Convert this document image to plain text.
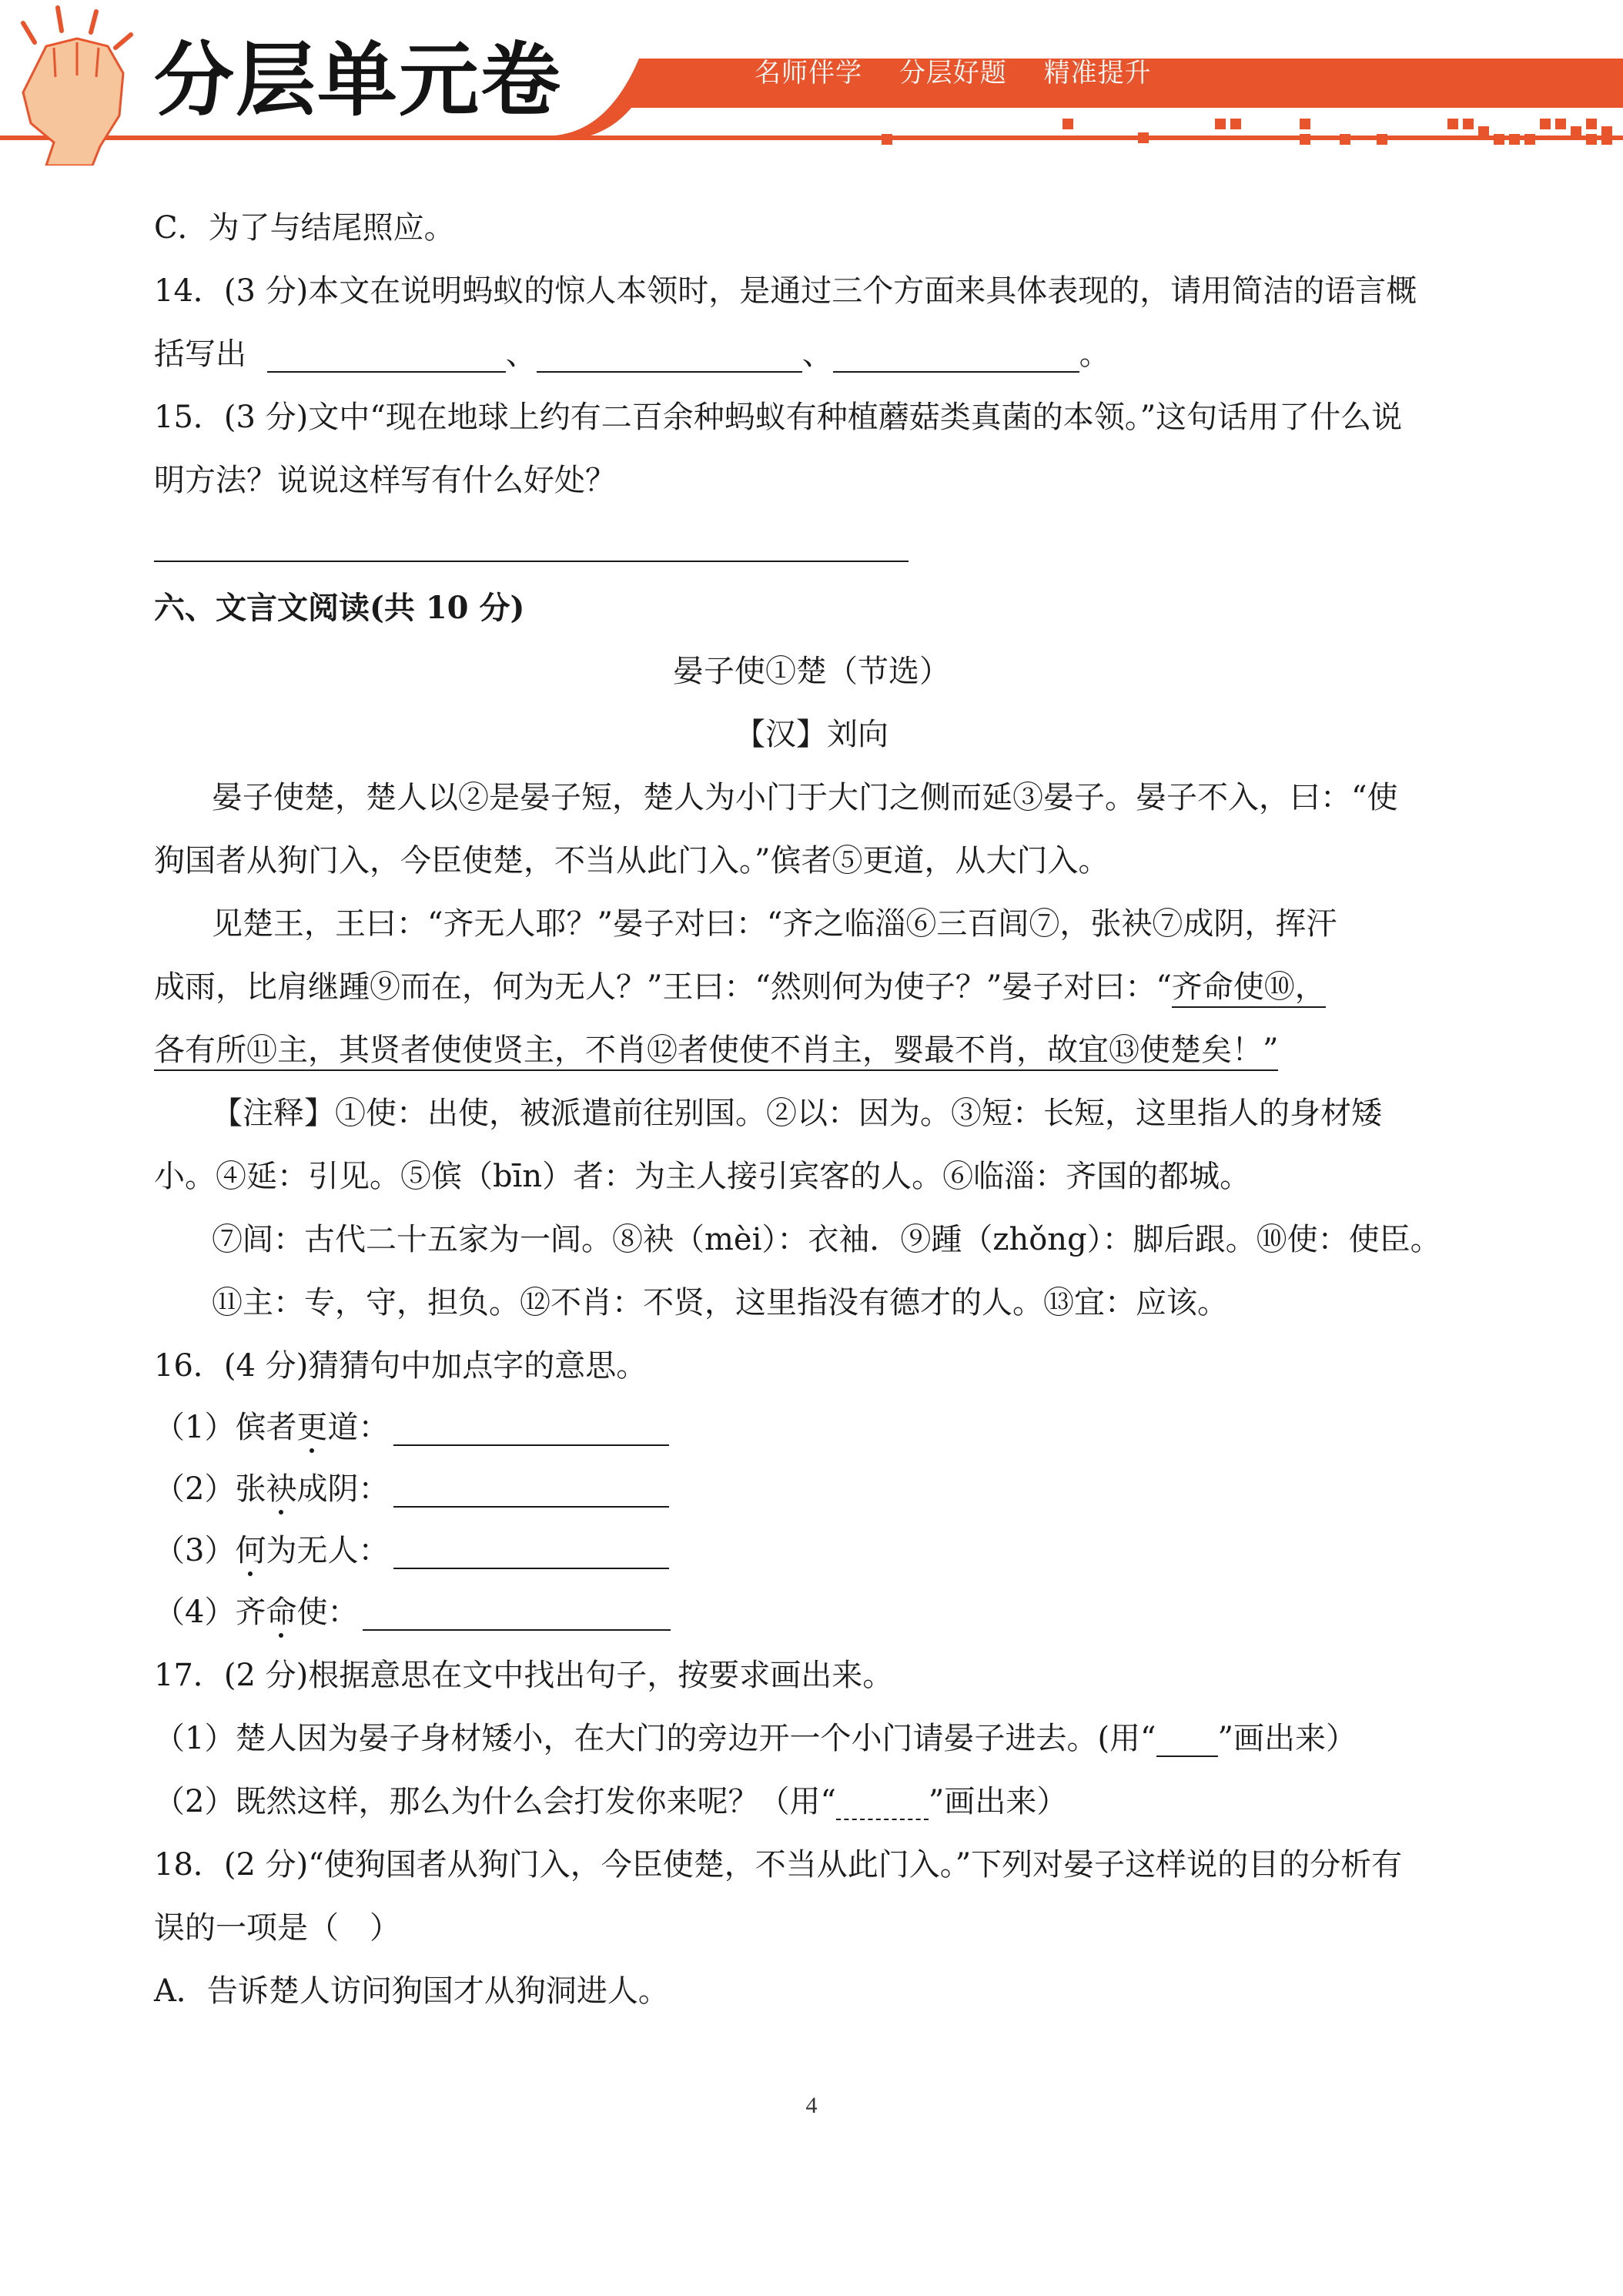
分层单元卷	名师伴学 分层好题 精准提升
C．为了与结尾照应。
14．(3 分)本文在说明蚂蚁的惊人本领时，是通过三个方面来具体表现的，请用简洁的语言概
括写出	、	、	。
15．(3 分)文中“现在地球上约有二百余种蚂蚁有种植蘑菇类真菌的本领。”这句话用了什么说
明方法？说说这样写有什么好处？
六、文言文阅读(共 10 分)
晏子使①楚（节选）
【汉】刘向
晏子使楚，楚人以②是晏子短，楚人为小门于大门之侧而延③晏子。晏子不入，曰：“使
狗国者从狗门入，今臣使楚，不当从此门入。”傧者⑤更道，从大门入。
见楚王，王曰：“齐无人耶？”晏子对曰：“齐之临淄⑥三百闾⑦，张袂⑦成阴，挥汗
成雨，比肩继踵⑨而在，何为无人？”王曰：“然则何为使子？”晏子对曰：“齐命使⑩，
各有所⑪主，其贤者使使贤主，不肖⑫者使使不肖主，婴最不肖，故宜⑬使楚矣！”
【注释】①使：出使，被派遣前往别国。②以：因为。③短：长短，这里指人的身材矮
小。④延：引见。⑤傧（bīn）者：为主人接引宾客的人。⑥临淄：齐国的都城。
⑦闾：古代二十五家为一闾。⑧袂（mèi）：衣袖．⑨踵（zhǒng）：脚后跟。⑩使：使臣。
⑪主：专，守，担负。⑫不肖：不贤，这里指没有德才的人。⑬宜：应该。
16．(4 分)猜猜句中加点字的意思。
（1）傧者更道：
（2）张袂成阴：
（3）何为无人：
（4）齐命使：
17．(2 分)根据意思在文中找出句子，按要求画出来。
（1）楚人因为晏子身材矮小，在大门的旁边开一个小门请晏子进去。(用“ ”画出来）
（2）既然这样，那么为什么会打发你来呢？（用“	”画出来）
18．(2 分)“使狗国者从狗门入，今臣使楚，不当从此门入。”下列对晏子这样说的目的分析有
误的一项是（　）
A．告诉楚人访问狗国才从狗洞进人。
4
